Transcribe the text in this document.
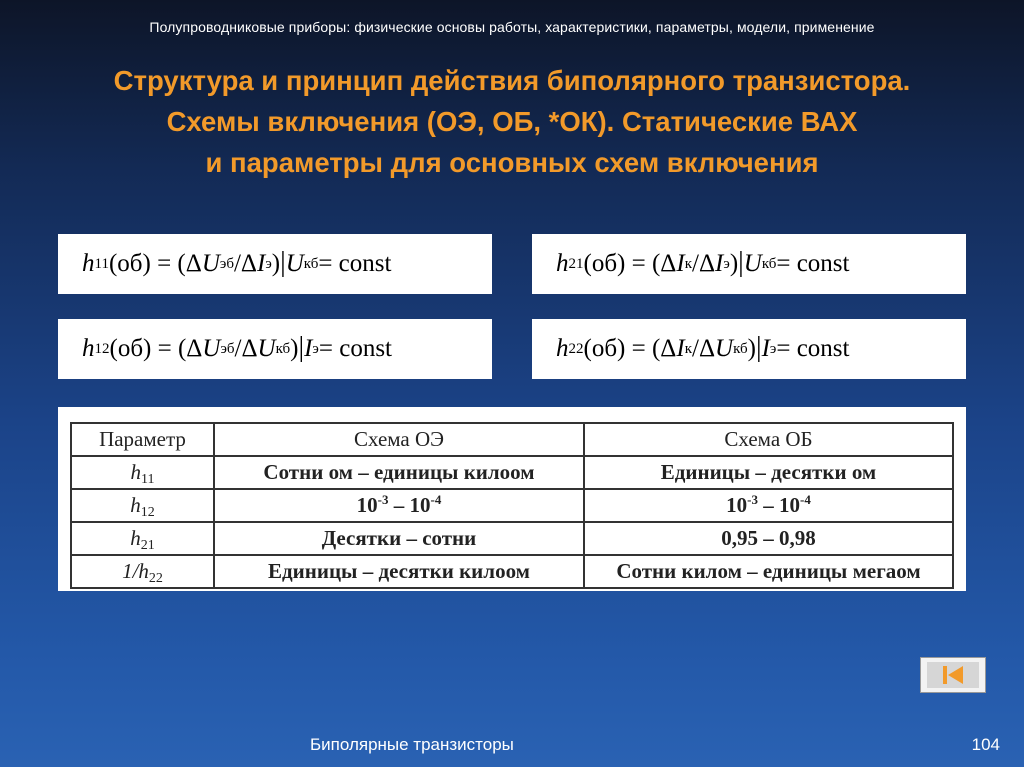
Полупроводниковые приборы: физические основы работы, характеристики, параметры, модели, применение
Структура и принцип действия биполярного транзистора.
Схемы включения (ОЭ, ОБ, *ОК). Статические ВАХ
и параметры для основных схем включения
h 11 (об) = (Δ U эб /Δ I э ) | U кб = const	h 21 (об) = (Δ I к /Δ I э ) | U кб = const
h 12 (об) = (Δ U эб /Δ U кб ) | I э = const	h 22 (об) = (Δ I к /Δ U кб ) | I э = const
Параметр	Схема ОЭ	Схема ОБ
$h_{11}$	Сотни ом – единицы килоом	Единицы – десятки ом
$h_{12}$	$10^{-3} - 10^{-4}$	$10^{-3} - 10^{-4}$
$h_{21}$	Десятки – сотни	0,95 – 0,98
$1/h_{22}$	Единицы – десятки килоом	Сотни килом – единицы мегаом
Биполярные транзисторы	104
